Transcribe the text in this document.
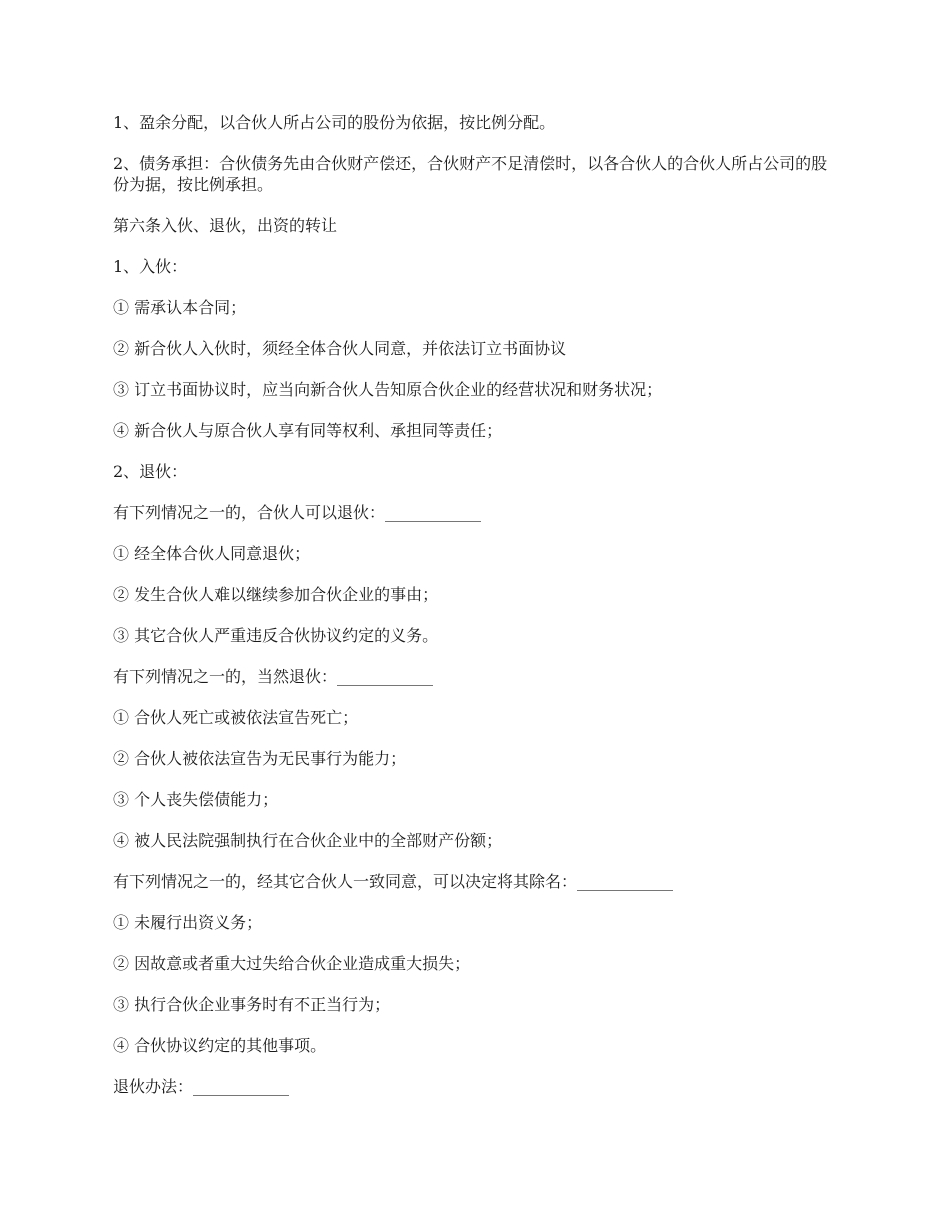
1、盈余分配，以合伙人所占公司的股份为依据，按比例分配。

2、债务承担：合伙债务先由合伙财产偿还，合伙财产不足清偿时，以各合伙人的合伙人所占公司的股份为据，按比例承担。

第六条入伙、退伙，出资的转让

1、入伙：

① 需承认本合同；

② 新合伙人入伙时，须经全体合伙人同意，并依法订立书面协议

③ 订立书面协议时，应当向新合伙人告知原合伙企业的经营状况和财务状况；

④ 新合伙人与原合伙人享有同等权利、承担同等责任；

2、退伙：

有下列情况之一的，合伙人可以退伙：____________

① 经全体合伙人同意退伙；

② 发生合伙人难以继续参加合伙企业的事由；

③ 其它合伙人严重违反合伙协议约定的义务。

有下列情况之一的，当然退伙：____________

① 合伙人死亡或被依法宣告死亡；

② 合伙人被依法宣告为无民事行为能力；

③ 个人丧失偿债能力；

④ 被人民法院强制执行在合伙企业中的全部财产份额；

有下列情况之一的，经其它合伙人一致同意，可以决定将其除名：____________

① 未履行出资义务；

② 因故意或者重大过失给合伙企业造成重大损失；

③ 执行合伙企业事务时有不正当行为；

④ 合伙协议约定的其他事项。

退伙办法：____________
